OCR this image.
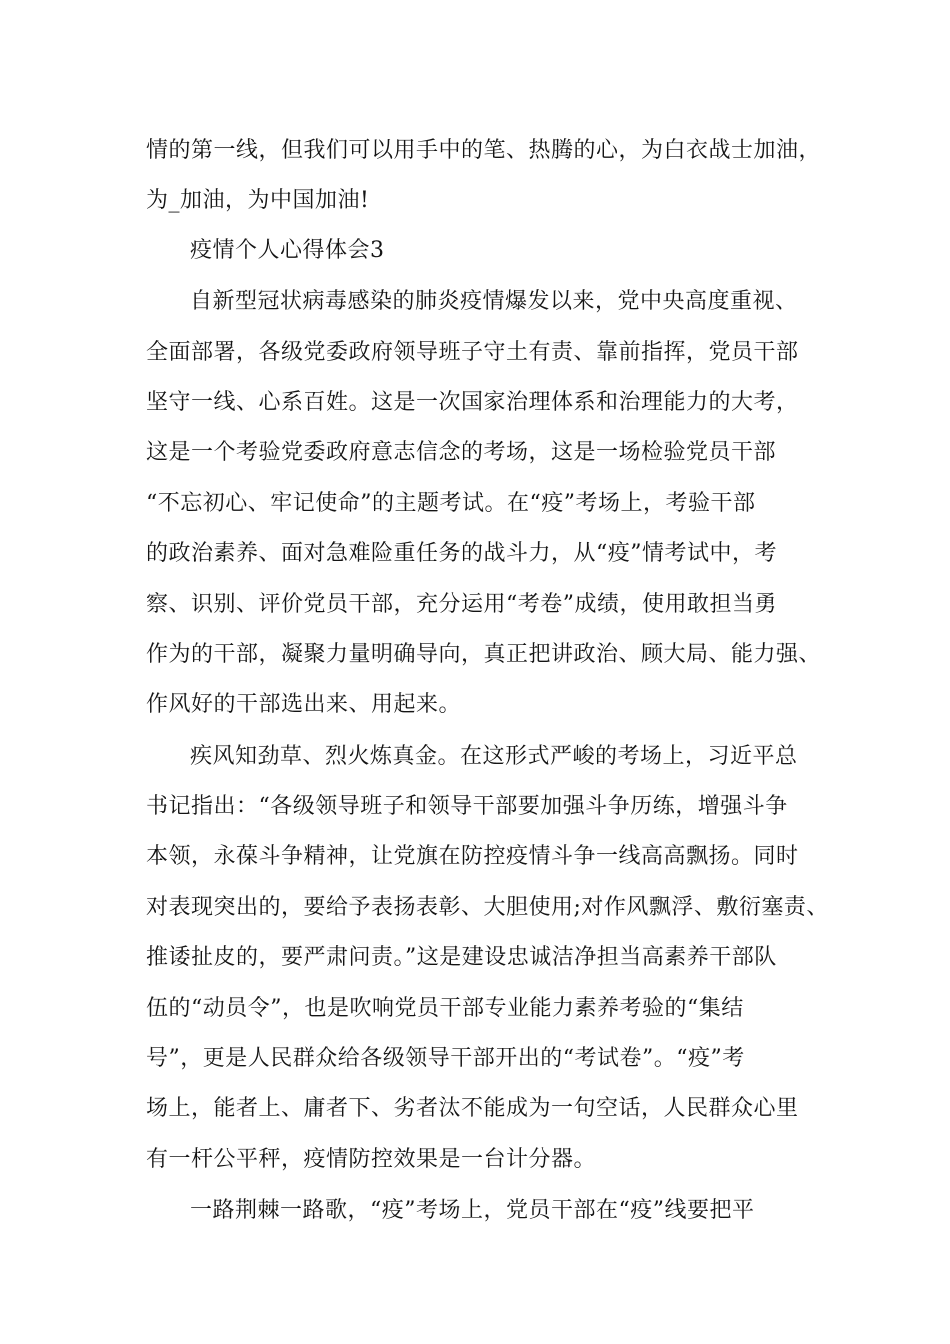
情的第一线，但我们可以用手中的笔、热腾的心，为白衣战士加油，
为_加油，为中国加油!
疫情个人心得体会3
自新型冠状病毒感染的肺炎疫情爆发以来，党中央高度重视、
全面部署，各级党委政府领导班子守土有责、靠前指挥，党员干部
坚守一线、心系百姓。这是一次国家治理体系和治理能力的大考，
这是一个考验党委政府意志信念的考场，这是一场检验党员干部
“不忘初心、牢记使命”的主题考试。在“疫”考场上，考验干部
的政治素养、面对急难险重任务的战斗力，从“疫”情考试中，考
察、识别、评价党员干部，充分运用“考卷”成绩，使用敢担当勇
作为的干部，凝聚力量明确导向，真正把讲政治、顾大局、能力强、
作风好的干部选出来、用起来。
疾风知劲草、烈火炼真金。在这形式严峻的考场上，习近平总
书记指出：“各级领导班子和领导干部要加强斗争历练，增强斗争
本领，永葆斗争精神，让党旗在防控疫情斗争一线高高飘扬。同时
对表现突出的，要给予表扬表彰、大胆使用;对作风飘浮、敷衍塞责、
推诿扯皮的，要严肃问责。”这是建设忠诚洁净担当高素养干部队
伍的“动员令”，也是吹响党员干部专业能力素养考验的“集结
号”，更是人民群众给各级领导干部开出的“考试卷”。“疫”考
场上，能者上、庸者下、劣者汰不能成为一句空话，人民群众心里
有一杆公平秤，疫情防控效果是一台计分器。
一路荆棘一路歌，“疫”考场上，党员干部在“疫”线要把平
